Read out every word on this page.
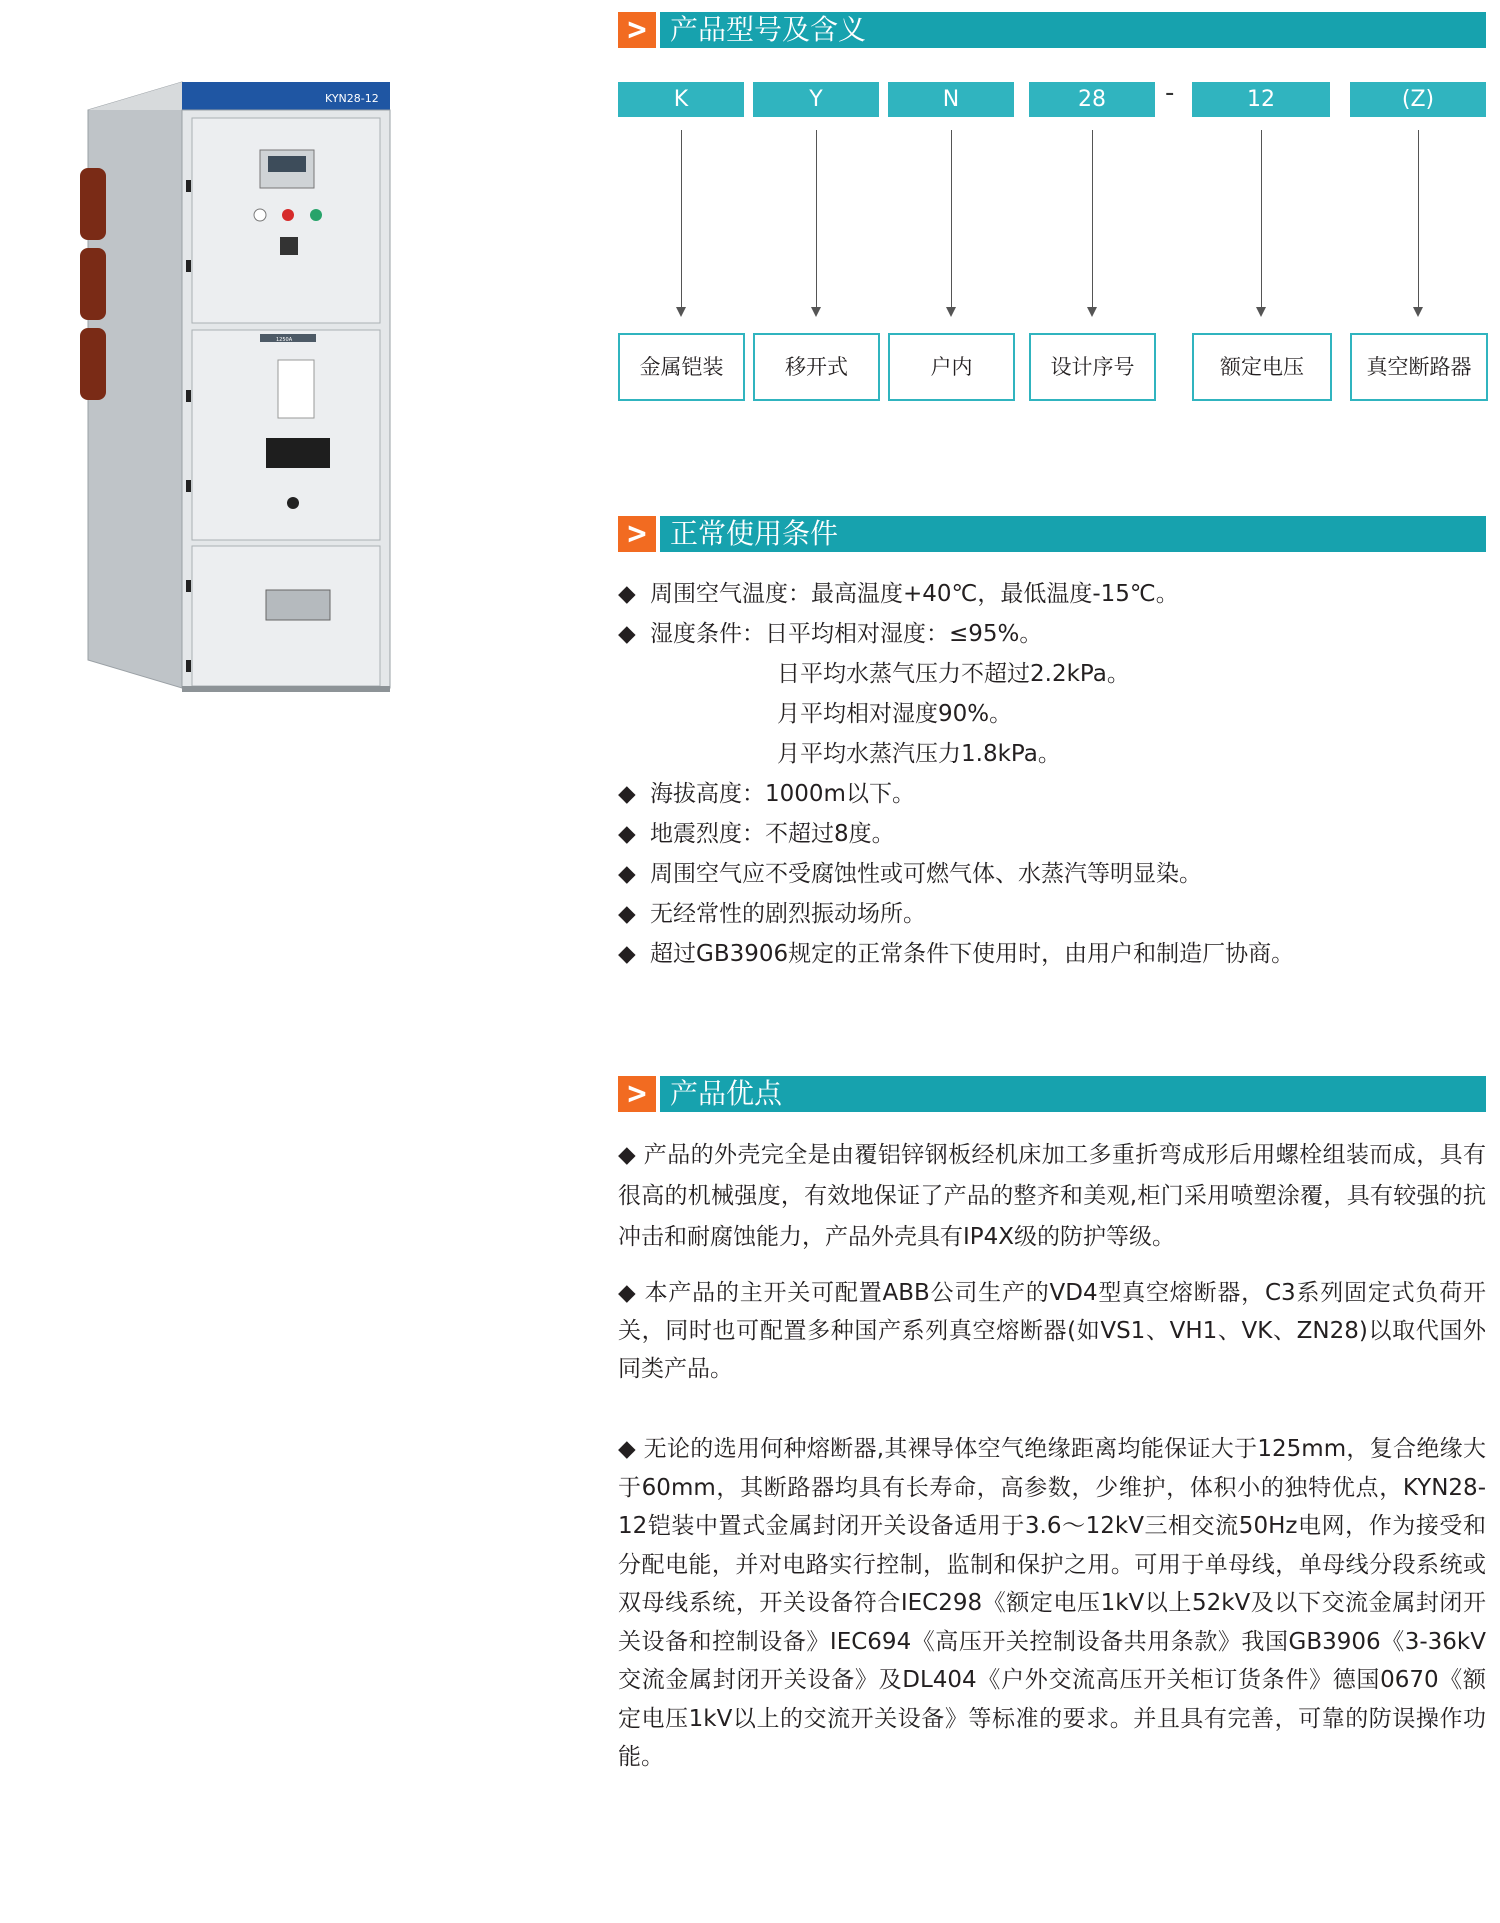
KYN28-12
1250A
> 产品型号及含义
K	Y	N	28	-	12	(Z)
金属铠装	移开式	户内	设计序号	额定电压	真空断路器
> 正常使用条件
◆ 周围空气温度：最高温度+40℃，最低温度-15℃。
◆ 湿度条件：日平均相对湿度：≤95%。
日平均水蒸气压力不超过2.2kPa。
月平均相对湿度90%。
月平均水蒸汽压力1.8kPa。
◆ 海拔高度：1000m以下。
◆ 地震烈度：不超过8度。
◆ 周围空气应不受腐蚀性或可燃气体、水蒸汽等明显染。
◆ 无经常性的剧烈振动场所。
◆ 超过GB3906规定的正常条件下使用时，由用户和制造厂协商。
> 产品优点
◆ 产品的外壳完全是由覆铝锌钢板经机床加工多重折弯成形后用螺栓组装而成，具有很高的机械强度，有效地保证了产品的整齐和美观,柜门采用喷塑涂覆，具有较强的抗冲击和耐腐蚀能力，产品外壳具有IP4X级的防护等级。
◆ 本产品的主开关可配置ABB公司生产的VD4型真空熔断器，C3系列固定式负荷开关，同时也可配置多种国产系列真空熔断器(如VS1、VH1、VK、ZN28)以取代国外同类产品。
◆ 无论的选用何种熔断器,其裸导体空气绝缘距离均能保证大于125mm，复合绝缘大于60mm，其断路器均具有长寿命，高参数，少维护，体积小的独特优点，KYN28-12铠装中置式金属封闭开关设备适用于3.6～12kV三相交流50Hz电网，作为接受和分配电能，并对电路实行控制，监制和保护之用。可用于单母线，单母线分段系统或双母线系统，开关设备符合IEC298《额定电压1kV以上52kV及以下交流金属封闭开关设备和控制设备》IEC694《高压开关控制设备共用条款》我国GB3906《3-36kV交流金属封闭开关设备》及DL404《户外交流高压开关柜订货条件》德国0670《额定电压1kV以上的交流开关设备》等标准的要求。并且具有完善，可靠的防误操作功能。
